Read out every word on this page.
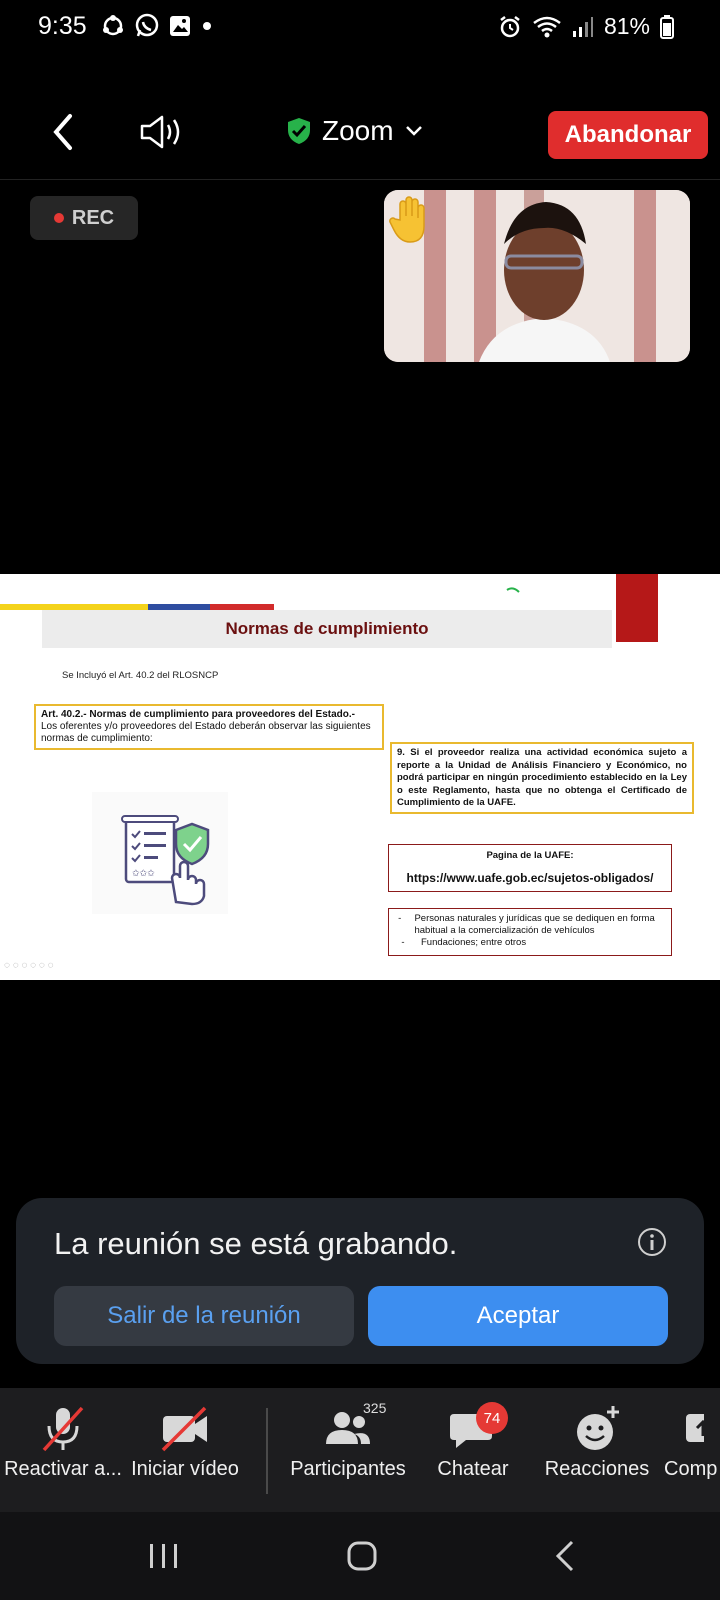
9:35	81%
Zoom	Abandonar
REC
Normas de cumplimiento
Se Incluyó el Art. 40.2 del RLOSNCP
Art. 40.2.- Normas de cumplimiento para proveedores del Estado.-
Los oferentes y/o proveedores del Estado deberán observar las siguientes normas de cumplimiento:
9. Si el proveedor realiza una actividad económica sujeto a reporte a la Unidad de Análisis Financiero y Económico, no podrá participar en ningún procedimiento establecido en la Ley o este Reglamento, hasta que no obtenga el Certificado de Cumplimiento de la UAFE.
✩✩✩
Pagina de la UAFE:
https://www.uafe.gob.ec/sujetos-obligados/
-	Personas naturales y jurídicas que se dediquen en forma habitual a la comercialización de vehículos
-	Fundaciones; entre otros
◌ ◌ ◌ ◌ ◌ ◌
La reunión se está grabando.
Salir de la reunión	Aceptar
Reactivar a... Iniciar vídeo
325
Participantes
74
Chatear Reacciones Comp
